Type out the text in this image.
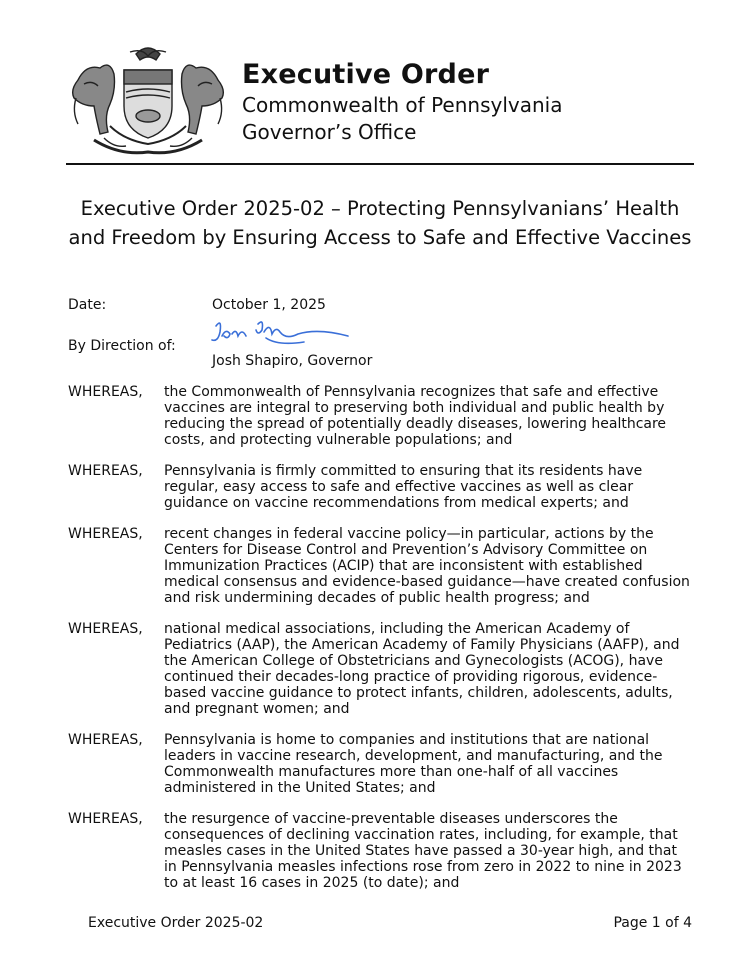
Executive Order
Commonwealth of Pennsylvania
Governor’s Office
Executive Order 2025-02 – Protecting Pennsylvanians’ Health and Freedom by Ensuring Access to Safe and Effective Vaccines
Date:	October 1, 2025
By Direction of:
Josh Shapiro, Governor
WHEREAS,	the Commonwealth of Pennsylvania recognizes that safe and effective vaccines are integral to preserving both individual and public health by reducing the spread of potentially deadly diseases, lowering healthcare costs, and protecting vulnerable populations; and
WHEREAS,	Pennsylvania is firmly committed to ensuring that its residents have regular, easy access to safe and effective vaccines as well as clear guidance on vaccine recommendations from medical experts; and
WHEREAS,	recent changes in federal vaccine policy—in particular, actions by the Centers for Disease Control and Prevention’s Advisory Committee on Immunization Practices (ACIP) that are inconsistent with established medical consensus and evidence-based guidance—have created confusion and risk undermining decades of public health progress; and
WHEREAS,	national medical associations, including the American Academy of Pediatrics (AAP), the American Academy of Family Physicians (AAFP), and the American College of Obstetricians and Gynecologists (ACOG), have continued their decades-long practice of providing rigorous, evidence-based vaccine guidance to protect infants, children, adolescents, adults, and pregnant women; and
WHEREAS,	Pennsylvania is home to companies and institutions that are national leaders in vaccine research, development, and manufacturing, and the Commonwealth manufactures more than one-half of all vaccines administered in the United States; and
WHEREAS,	the resurgence of vaccine-preventable diseases underscores the consequences of declining vaccination rates, including, for example, that measles cases in the United States have passed a 30-year high, and that in Pennsylvania measles infections rose from zero in 2022 to nine in 2023 to at least 16 cases in 2025 (to date); and
Executive Order 2025-02	Page 1 of 4
